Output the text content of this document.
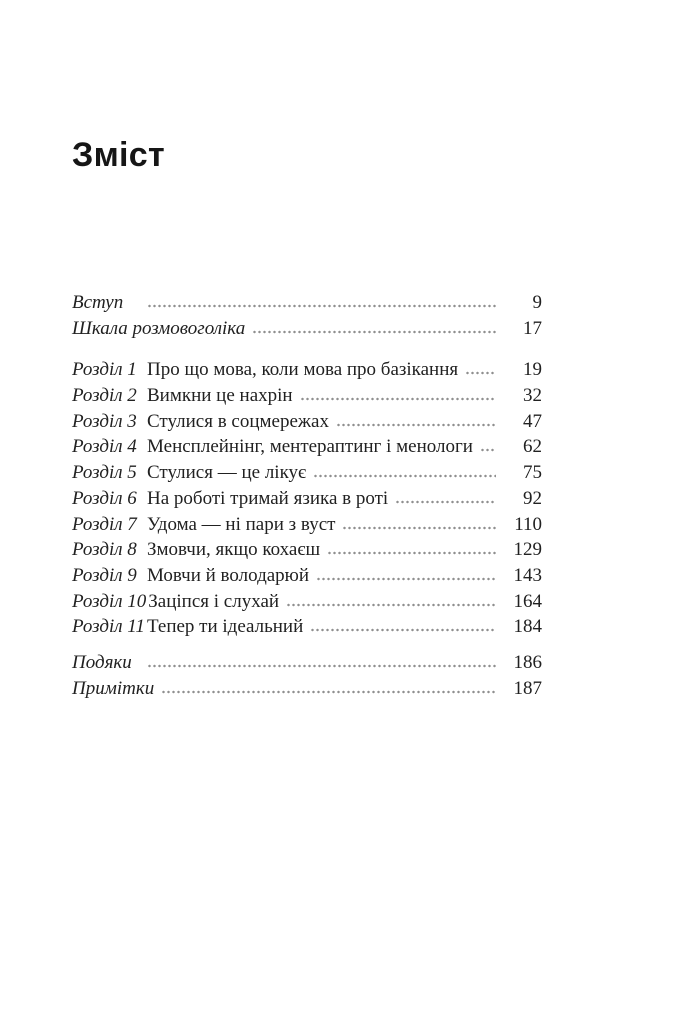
Зміст
Вступ	9
Шкала розмовоголіка	17
Розділ 1 Про що мова, коли мова про базікання	19
Розділ 2 Вимкни це нахрін	32
Розділ 3 Стулися в соцмережах	47
Розділ 4 Менсплейнінг, ментераптинг і менологи	62
Розділ 5 Стулися — це лікує	75
Розділ 6 На роботі тримай язика в роті	92
Розділ 7 Удома — ні пари з вуст	110
Розділ 8 Змовчи, якщо кохаєш	129
Розділ 9 Мовчи й володарюй	143
Розділ 10 Заціпся і слухай	164
Розділ 11 Тепер ти ідеальний	184
Подяки	186
Примітки	187
